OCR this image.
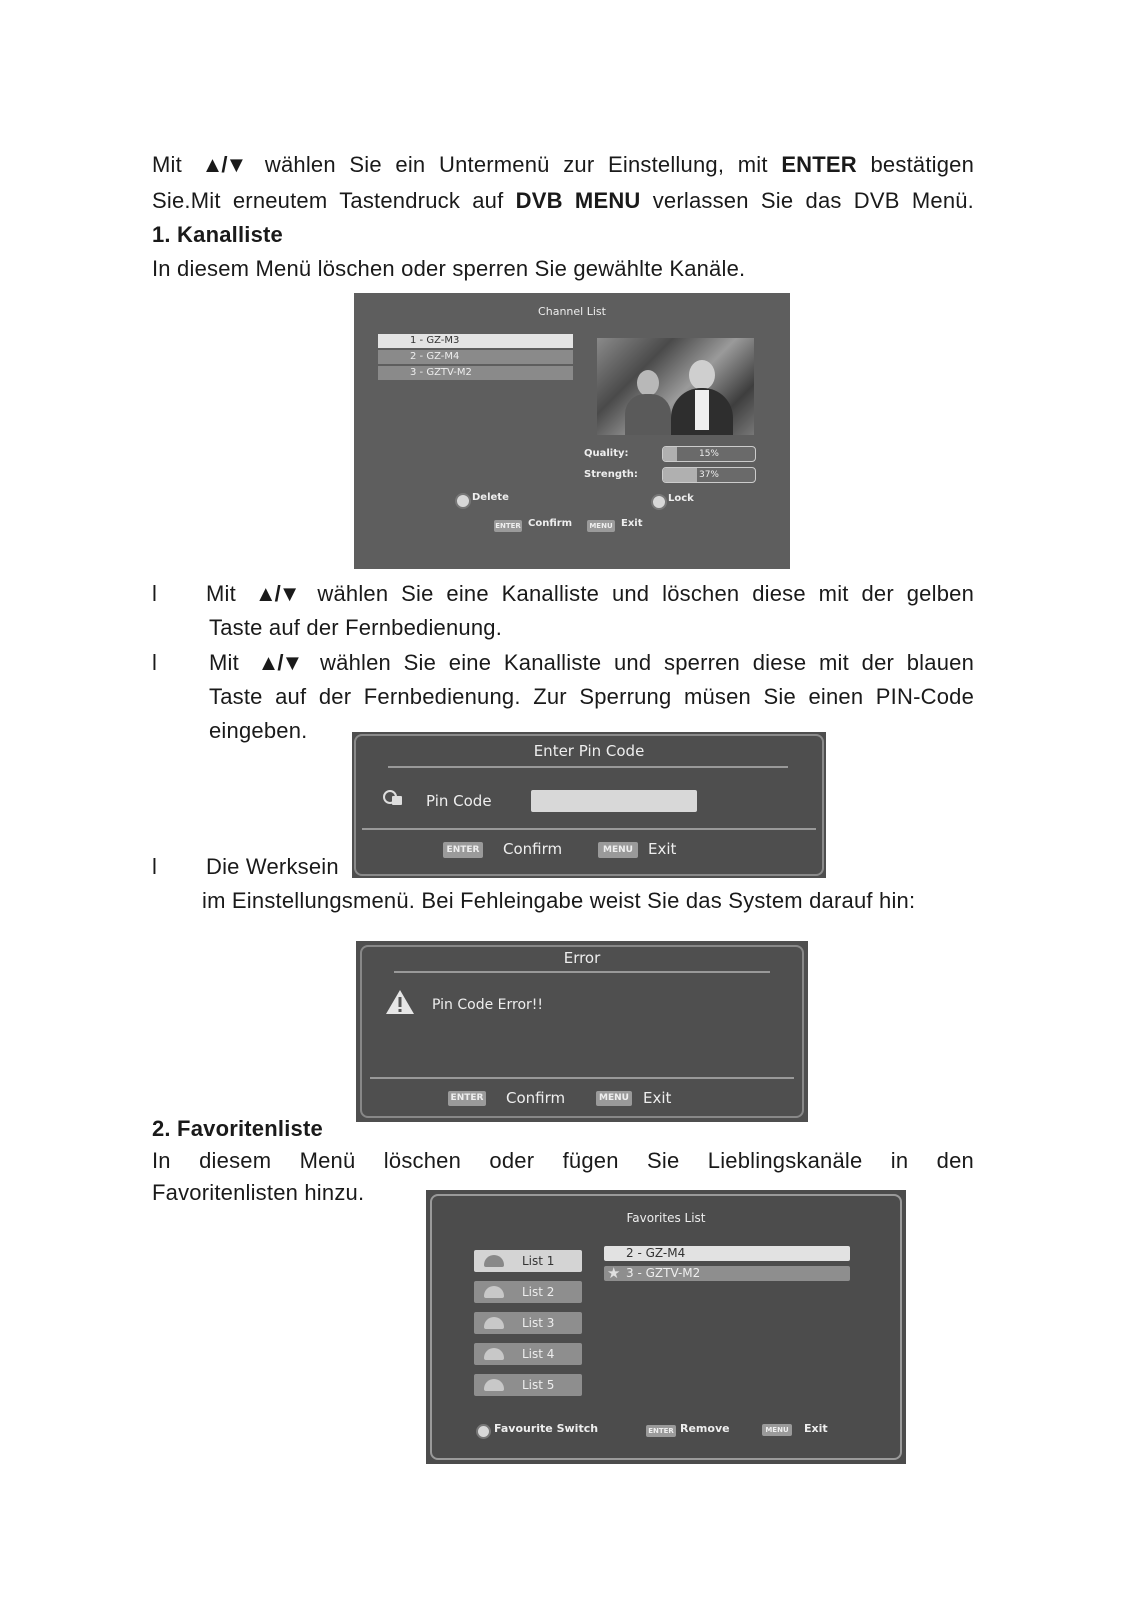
Mit ▲/▼ wählen Sie ein Untermenü zur Einstellung, mit ENTER bestätigen
Sie.Mit erneutem Tastendruck auf DVB MENU verlassen Sie das DVB Menü.
1. Kanalliste
In diesem Menü löschen oder sperren Sie gewählte Kanäle.
Channel List
1 - GZ-M3
2 - GZ-M4
3 - GZTV-M2
Quality:	15%
Strength:	37%
Delete	Lock
ENTER Confirm	MENU Exit
l Mit ▲/▼ wählen Sie eine Kanalliste und löschen diese mit der gelben
Taste auf der Fernbedienung.
l Mit ▲/▼ wählen Sie eine Kanalliste und sperren diese mit der blauen
Taste auf der Fernbedienung. Zur Sperrung müsen Sie einen PIN-Code
eingeben.
l Die Werksein
im Einstellungsmenü. Bei Fehleingabe weist Sie das System darauf hin:
Enter Pin Code
Pin Code
ENTER Confirm	MENU	Exit
Error
Pin Code Error!!
ENTER Confirm	MENU Exit
2. Favoritenliste
In diesem Menü löschen oder fügen Sie Lieblingskanäle in den
Favoritenlisten hinzu.
Favorites List
List 1
List 2
List 3
List 4
List 5
2 - GZ-M4
★ 3 - GZTV-M2
Favourite Switch	ENTER Remove	MENU	Exit
